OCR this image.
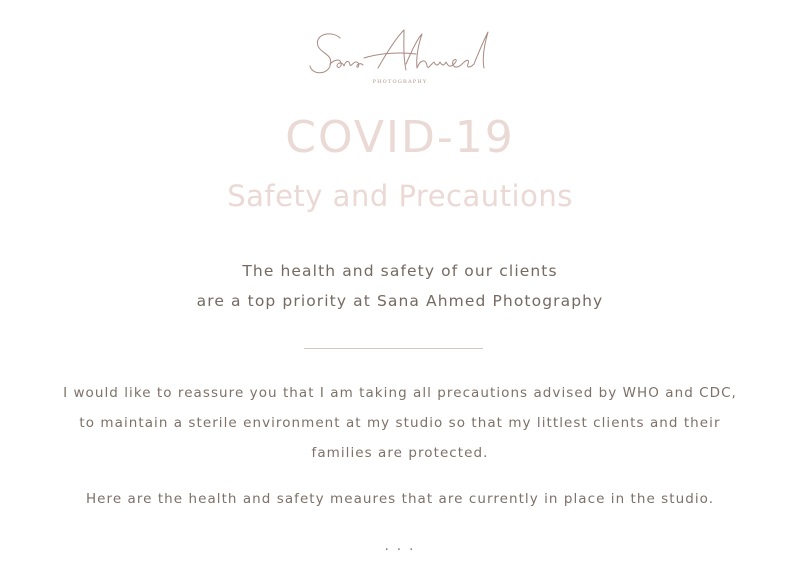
PHOTOGRAPHY
COVID-19
Safety and Precautions
The health and safety of our clients
are a top priority at Sana Ahmed Photography
I would like to reassure you that I am taking all precautions advised by WHO and CDC,
to maintain a sterile environment at my studio so that my littlest clients and their
families are protected.
Here are the health and safety meaures that are currently in place in the studio.
. . .
